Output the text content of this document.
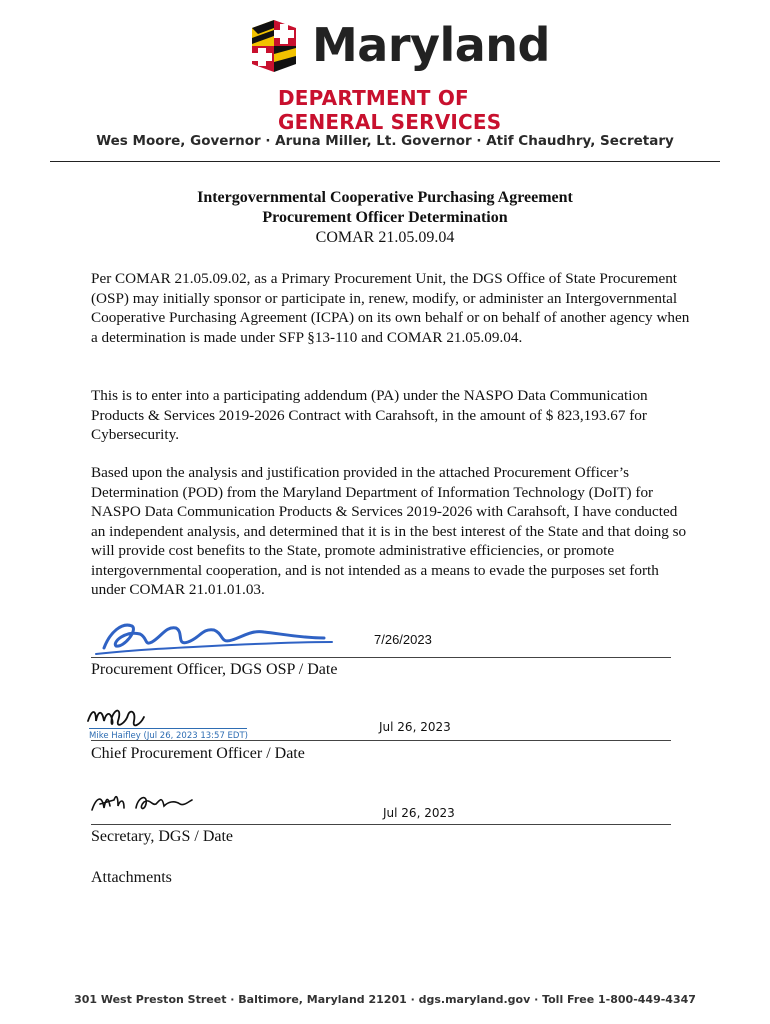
Maryland
DEPARTMENT OF
GENERAL SERVICES
Wes Moore, Governor · Aruna Miller, Lt. Governor · Atif Chaudhry, Secretary
Intergovernmental Cooperative Purchasing Agreement
Procurement Officer Determination
COMAR 21.05.09.04

Per COMAR 21.05.09.02, as a Primary Procurement Unit, the DGS Office of State Procurement (OSP) may initially sponsor or participate in, renew, modify, or administer an Intergovernmental Cooperative Purchasing Agreement (ICPA) on its own behalf or on behalf of another agency when a determination is made under SFP §13-110 and COMAR 21.05.09.04.

This is to enter into a participating addendum (PA) under the NASPO Data Communication Products & Services 2019-2026 Contract with Carahsoft, in the amount of $ 823,193.67 for Cybersecurity.

Based upon the analysis and justification provided in the attached Procurement Officer’s Determination (POD) from the Maryland Department of Information Technology (DoIT) for NASPO Data Communication Products & Services 2019-2026 with Carahsoft, I have conducted an independent analysis, and determined that it is in the best interest of the State and that doing so will provide cost benefits to the State, promote administrative efficiencies, or promote intergovernmental cooperation, and is not intended as a means to evade the purposes set forth under COMAR 21.01.01.03.

7/26/2023
Procurement Officer, DGS OSP / Date
Mike Haifley (Jul 26, 2023 13:57 EDT)
Jul 26, 2023
Chief Procurement Officer / Date
Jul 26, 2023
Secretary, DGS / Date
Attachments
301 West Preston Street · Baltimore, Maryland 21201 · dgs.maryland.gov · Toll Free 1-800-449-4347
